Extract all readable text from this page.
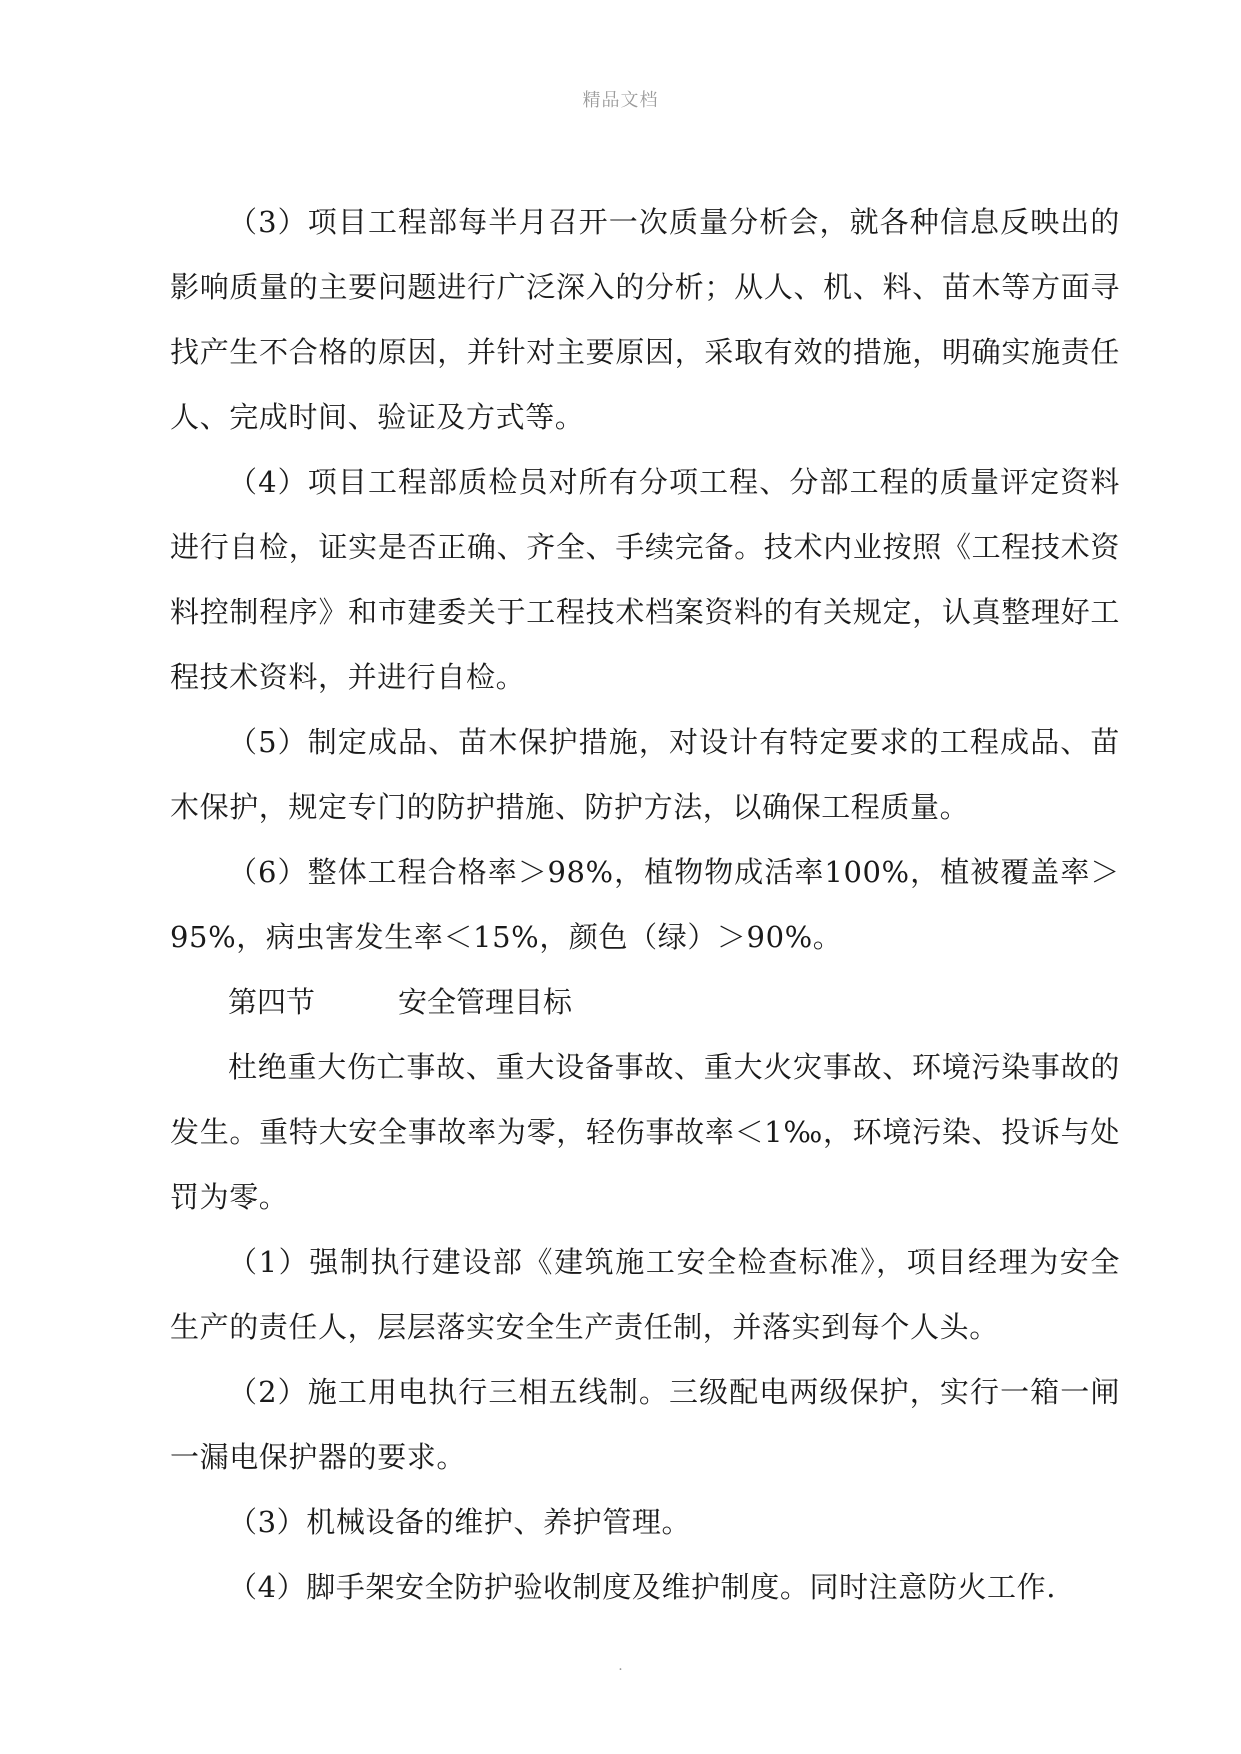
精品文档

（3）项目工程部每半月召开一次质量分析会，就各种信息反映出的影响质量的主要问题进行广泛深入的分析；从人、机、料、苗木等方面寻找产生不合格的原因，并针对主要原因，采取有效的措施，明确实施责任人、完成时间、验证及方式等。

（4）项目工程部质检员对所有分项工程、分部工程的质量评定资料进行自检，证实是否正确、齐全、手续完备。技术内业按照《工程技术资料控制程序》和市建委关于工程技术档案资料的有关规定，认真整理好工程技术资料，并进行自检。

（5）制定成品、苗木保护措施，对设计有特定要求的工程成品、苗木保护，规定专门的防护措施、防护方法，以确保工程质量。

（6）整体工程合格率＞98%，植物物成活率100%，植被覆盖率＞95%，病虫害发生率＜15%，颜色（绿）＞90%。

第四节	安全管理目标

杜绝重大伤亡事故、重大设备事故、重大火灾事故、环境污染事故的发生。重特大安全事故率为零，轻伤事故率＜1‰，环境污染、投诉与处罚为零。

（1）强制执行建设部《建筑施工安全检查标准》，项目经理为安全生产的责任人，层层落实安全生产责任制，并落实到每个人头。

（2）施工用电执行三相五线制。三级配电两级保护，实行一箱一闸一漏电保护器的要求。

（3）机械设备的维护、养护管理。

（4）脚手架安全防护验收制度及维护制度。同时注意防火工作.

.
